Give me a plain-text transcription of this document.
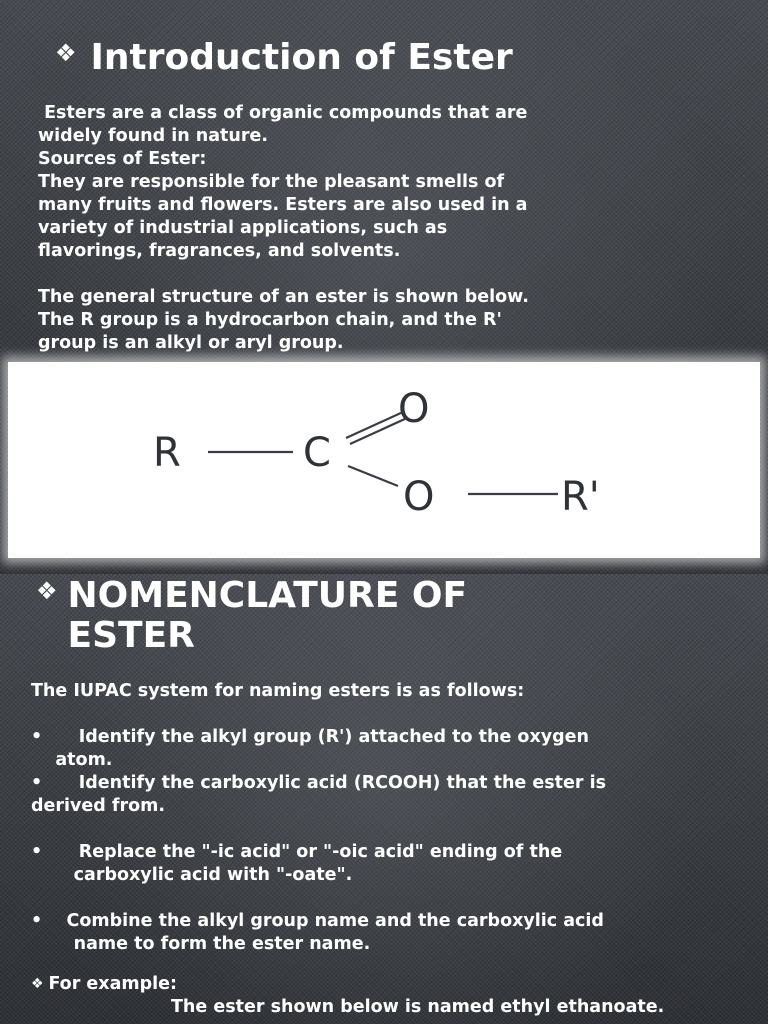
❖ Introduction of Ester
Esters are a class of organic compounds that are
widely found in nature.
Sources of Ester:
They are responsible for the pleasant smells of
many fruits and flowers. Esters are also used in a
variety of industrial applications, such as
flavorings, fragrances, and solvents.
The general structure of an ester is shown below.
The R group is a hydrocarbon chain, and the R'
group is an alkyl or aryl group.
R	C
O
O	R'
❖ NOMENCLATURE OF
ESTER
The IUPAC system for naming esters is as follows:
•      Identify the alkyl group (R') attached to the oxygen
atom.
•      Identify the carboxylic acid (RCOOH) that the ester is
derived from.
•      Replace the "-ic acid" or "-oic acid" ending of the
carboxylic acid with "-oate".
•    Combine the alkyl group name and the carboxylic acid
name to form the ester name.
❖ For example:
The ester shown below is named ethyl ethanoate.
